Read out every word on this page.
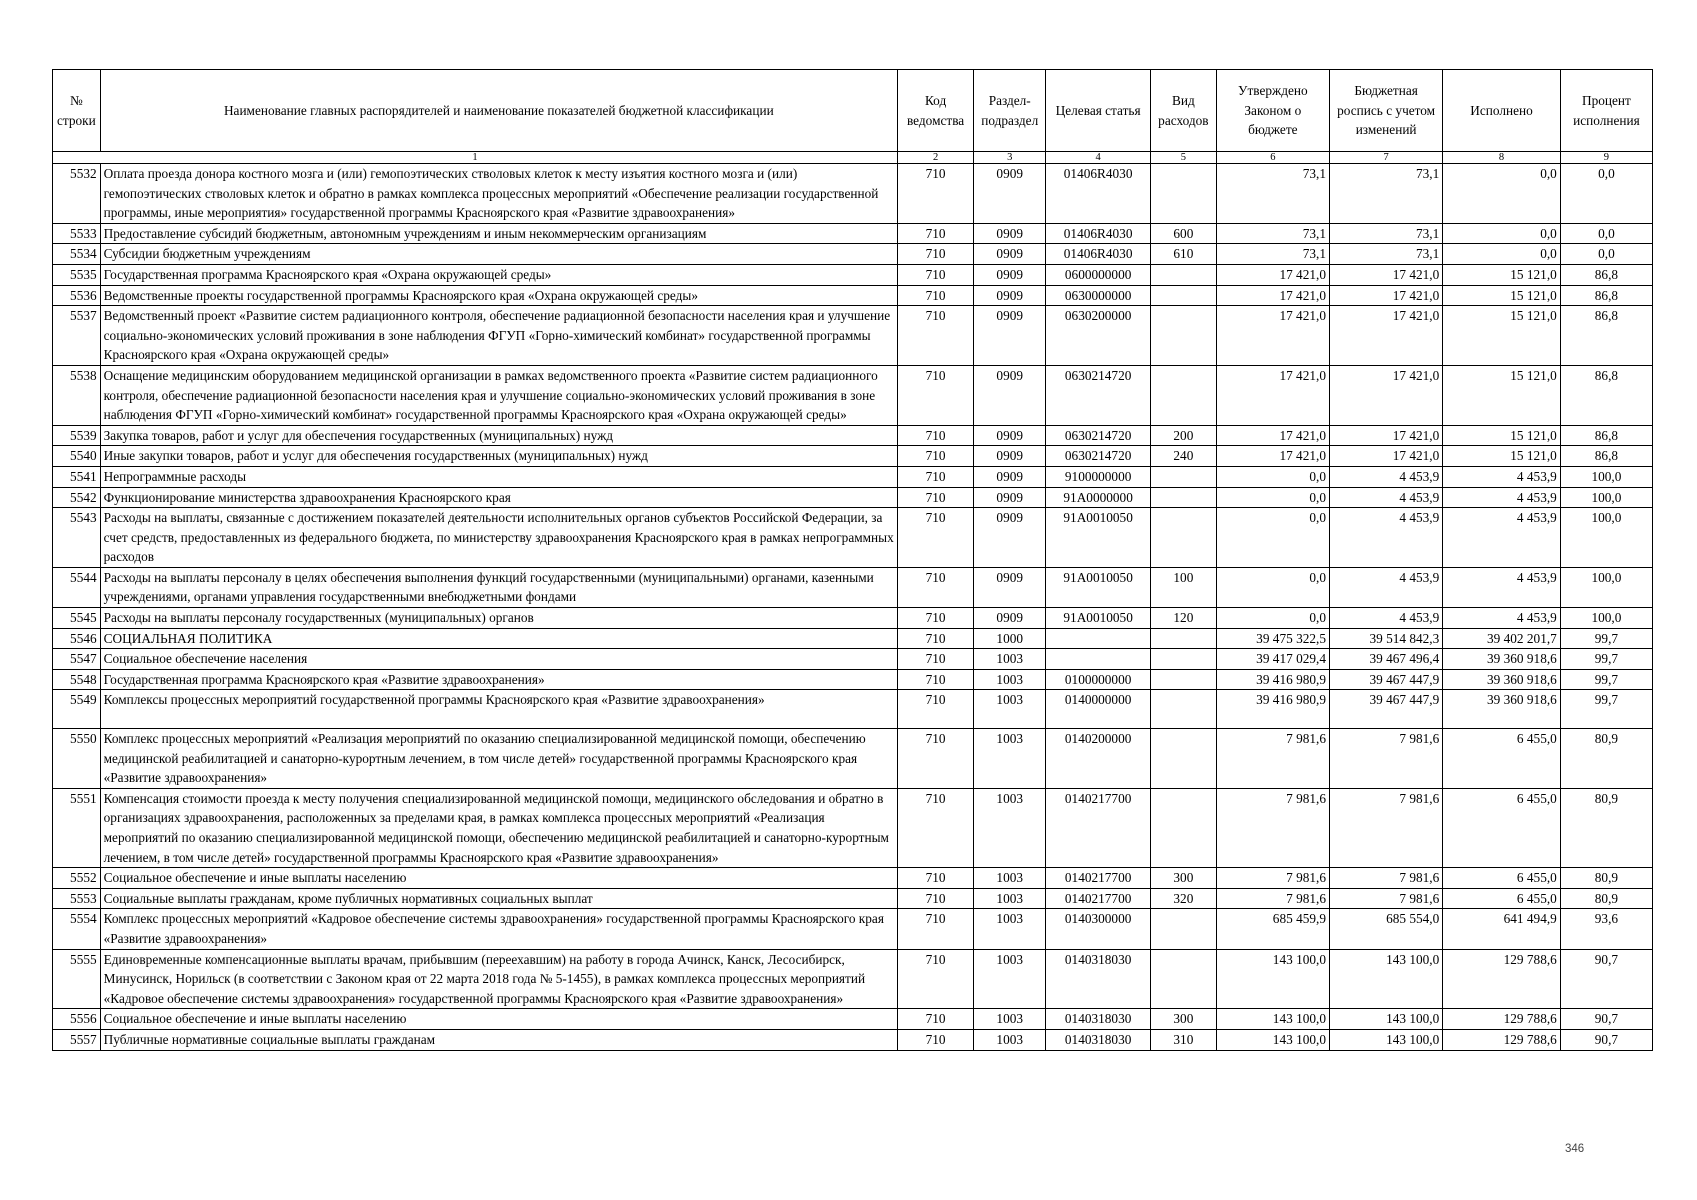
№ строки	Наименование главных распорядителей и наименование показателей бюджетной классификации	Код ведомства	Раздел-подраздел	Целевая статья	Вид расходов	Утверждено Законом о бюджете	Бюджетная роспись с учетом изменений	Исполнено	Процент исполнения
1		2	3	4	5	6	7	8	9
5532	Оплата проезда донора костного мозга и (или) гемопоэтических стволовых клеток к месту изъятия костного мозга и (или) гемопоэтических стволовых клеток и обратно в рамках комплекса процессных мероприятий «Обеспечение реализации государственной программы, иные мероприятия» государственной программы Красноярского края «Развитие здравоохранения»	710	0909	01406R4030		73,1	73,1	0,0	0,0
5533	Предоставление субсидий бюджетным, автономным учреждениям и иным некоммерческим организациям	710	0909	01406R4030	600	73,1	73,1	0,0	0,0
5534	Субсидии бюджетным учреждениям	710	0909	01406R4030	610	73,1	73,1	0,0	0,0
5535	Государственная программа Красноярского края «Охрана окружающей среды»	710	0909	0600000000		17 421,0	17 421,0	15 121,0	86,8
5536	Ведомственные проекты государственной программы Красноярского края «Охрана окружающей среды»	710	0909	0630000000		17 421,0	17 421,0	15 121,0	86,8
5537	Ведомственный проект «Развитие систем радиационного контроля, обеспечение радиационной безопасности населения края и улучшение социально-экономических условий проживания в зоне наблюдения ФГУП «Горно-химический комбинат» государственной программы Красноярского края «Охрана окружающей среды»	710	0909	0630200000		17 421,0	17 421,0	15 121,0	86,8
5538	Оснащение медицинским оборудованием медицинской организации в рамках ведомственного проекта «Развитие систем радиационного контроля, обеспечение радиационной безопасности населения края и улучшение социально-экономических условий проживания в зоне наблюдения ФГУП «Горно-химический комбинат» государственной программы Красноярского края «Охрана окружающей среды»	710	0909	0630214720		17 421,0	17 421,0	15 121,0	86,8
5539	Закупка товаров, работ и услуг для обеспечения государственных (муниципальных) нужд	710	0909	0630214720	200	17 421,0	17 421,0	15 121,0	86,8
5540	Иные закупки товаров, работ и услуг для обеспечения государственных (муниципальных) нужд	710	0909	0630214720	240	17 421,0	17 421,0	15 121,0	86,8
5541	Непрограммные расходы	710	0909	9100000000		0,0	4 453,9	4 453,9	100,0
5542	Функционирование министерства здравоохранения Красноярского края	710	0909	91А0000000		0,0	4 453,9	4 453,9	100,0
5543	Расходы на выплаты, связанные с достижением показателей деятельности исполнительных органов субъектов Российской Федерации, за счет средств, предоставленных из федерального бюджета, по министерству здравоохранения Красноярского края в рамках непрограммных расходов	710	0909	91А0010050		0,0	4 453,9	4 453,9	100,0
5544	Расходы на выплаты персоналу в целях обеспечения выполнения функций государственными (муниципальными) органами, казенными учреждениями, органами управления государственными внебюджетными фондами	710	0909	91А0010050	100	0,0	4 453,9	4 453,9	100,0
5545	Расходы на выплаты персоналу государственных (муниципальных) органов	710	0909	91А0010050	120	0,0	4 453,9	4 453,9	100,0
5546	СОЦИАЛЬНАЯ ПОЛИТИКА	710	1000			39 475 322,5	39 514 842,3	39 402 201,7	99,7
5547	Социальное обеспечение населения	710	1003			39 417 029,4	39 467 496,4	39 360 918,6	99,7
5548	Государственная программа Красноярского края «Развитие здравоохранения»	710	1003	0100000000		39 416 980,9	39 467 447,9	39 360 918,6	99,7
5549	Комплексы процессных мероприятий государственной программы Красноярского края «Развитие здравоохранения»	710	1003	0140000000		39 416 980,9	39 467 447,9	39 360 918,6	99,7
5550	Комплекс процессных мероприятий «Реализация мероприятий по оказанию специализированной медицинской помощи, обеспечению медицинской реабилитацией и санаторно-курортным лечением, в том числе детей» государственной программы Красноярского края «Развитие здравоохранения»	710	1003	0140200000		7 981,6	7 981,6	6 455,0	80,9
5551	Компенсация стоимости проезда к месту получения специализированной медицинской помощи, медицинского обследования и обратно в организациях здравоохранения, расположенных за пределами края, в рамках комплекса процессных мероприятий «Реализация мероприятий по оказанию специализированной медицинской помощи, обеспечению медицинской реабилитацией и санаторно-курортным лечением, в том числе детей» государственной программы Красноярского края «Развитие здравоохранения»	710	1003	0140217700		7 981,6	7 981,6	6 455,0	80,9
5552	Социальное обеспечение и иные выплаты населению	710	1003	0140217700	300	7 981,6	7 981,6	6 455,0	80,9
5553	Социальные выплаты гражданам, кроме публичных нормативных социальных выплат	710	1003	0140217700	320	7 981,6	7 981,6	6 455,0	80,9
5554	Комплекс процессных мероприятий «Кадровое обеспечение системы здравоохранения» государственной программы Красноярского края «Развитие здравоохранения»	710	1003	0140300000		685 459,9	685 554,0	641 494,9	93,6
5555	Единовременные компенсационные выплаты врачам, прибывшим (переехавшим) на работу в города Ачинск, Канск, Лесосибирск, Минусинск, Норильск (в соответствии с Законом края от 22 марта 2018 года № 5-1455), в рамках комплекса процессных мероприятий «Кадровое обеспечение системы здравоохранения» государственной программы Красноярского края «Развитие здравоохранения»	710	1003	0140318030		143 100,0	143 100,0	129 788,6	90,7
5556	Социальное обеспечение и иные выплаты населению	710	1003	0140318030	300	143 100,0	143 100,0	129 788,6	90,7
5557	Публичные нормативные социальные выплаты гражданам	710	1003	0140318030	310	143 100,0	143 100,0	129 788,6	90,7
346
